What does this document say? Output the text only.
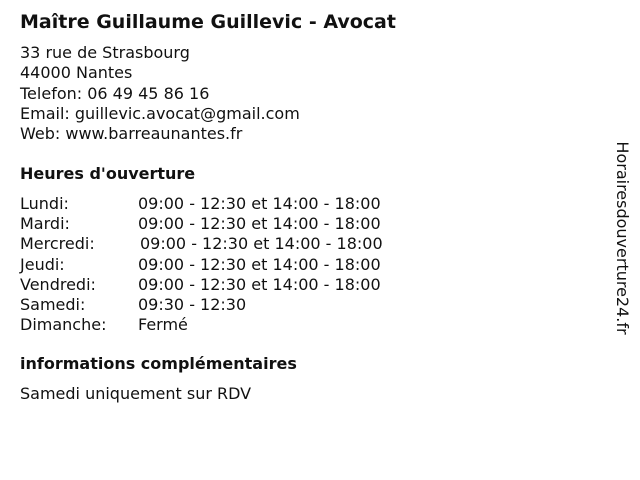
Maître Guillaume Guillevic - Avocat
33 rue de Strasbourg
44000 Nantes
Telefon: 06 49 45 86 16
Email: guillevic.avocat@gmail.com
Web: www.barreaunantes.fr
Heures d'ouverture
Lundi:	09:00 - 12:30 et 14:00 - 18:00
Mardi:	09:00 - 12:30 et 14:00 - 18:00
Mercredi:	09:00 - 12:30 et 14:00 - 18:00
Jeudi:	09:00 - 12:30 et 14:00 - 18:00
Vendredi:	09:00 - 12:30 et 14:00 - 18:00
Samedi:	09:30 - 12:30
Dimanche: Fermé
informations complémentaires
Samedi uniquement sur RDV
Horairesdouverture24.fr
